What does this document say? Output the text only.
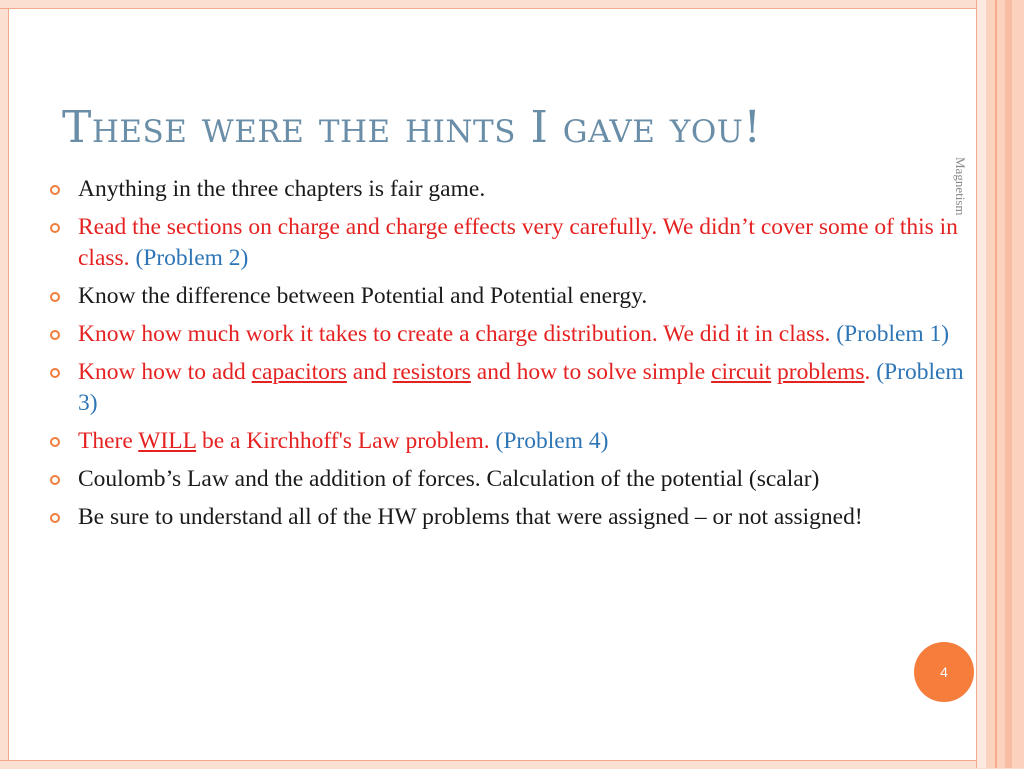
These were the hints I gave you!
Magnetism
Anything in the three chapters is fair game.
Read the sections on charge and charge effects very carefully. We didn’t cover some of this in class. (Problem 2)
Know the difference between Potential and Potential energy.
Know how much work it takes to create a charge distribution. We did it in class. (Problem 1)
Know how to add capacitors and resistors and how to solve simple circuit problems. (Problem 3)
There WILL be a Kirchhoff's Law problem. (Problem 4)
Coulomb’s Law and the addition of forces. Calculation of the potential (scalar)
Be sure to understand all of the HW problems that were assigned – or not assigned!
4
